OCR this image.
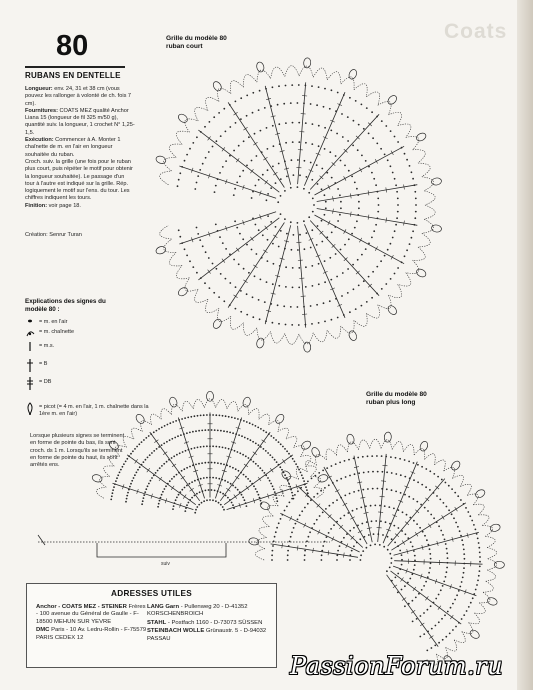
Coats
80
RUBANS EN DENTELLE

Longueur: env. 24, 31 et 38 cm (vous pouvez les rallonger à volonté de ch. fois 7 cm).

Fournitures: COATS MEZ qualité Anchor Liana 15 (longueur de fil 325 m/50 g), quantité suiv. la longueur, 1 crochet N° 1,25-1,5.

Exécution: Commencer à A. Monter 1 chaînette de m. en l'air en longueur souhaitée du ruban.

Croch. suiv. la grille (une fois pour le ruban plus court, puis répéter le motif pour obtenir la longueur souhaitée). Le passage d'un tour à l'autre est indiqué sur la grille. Rép. logiquement le motif sur l'ens. du tour. Les chiffres indiquent les tours.

Finition: voir page 18.

Création: Senrur Turan
Explications des signes du modèle 80 :
= m. en l'air
= m. chaînette
= m.s.
= B
= DB
= picot (= 4 m. en l'air, 1 m. chaînette dans la 1ère m. en l'air)
Lorsque plusieurs signes se terminent en forme de pointe du bas, ils sont croch. ds 1 m. Lorsqu'ils se terminent en forme de pointe du haut, ils sont arrêtés ens.
Grille du modèle 80 ruban court
Grille du modèle 80 ruban plus long
suiv
ADRESSES UTILES

Anchor - COATS MEZ - STEINER Frères - 100 avenue du Général de Gaulle - F-18500 MEHUN SUR YEVRE

DMC Paris - 10 Av. Ledru-Rollin - F-75579 PARIS CEDEX 12

LANG Garn - Pullenweg 20 - D-41352 KORSCHENBROICH

STAHL - Postfach 1160 - D-73073 SÜSSEN

STEINBACH WOLLE Grünaustr. 5 - D-94032 PASSAU

PassionForum.ru
